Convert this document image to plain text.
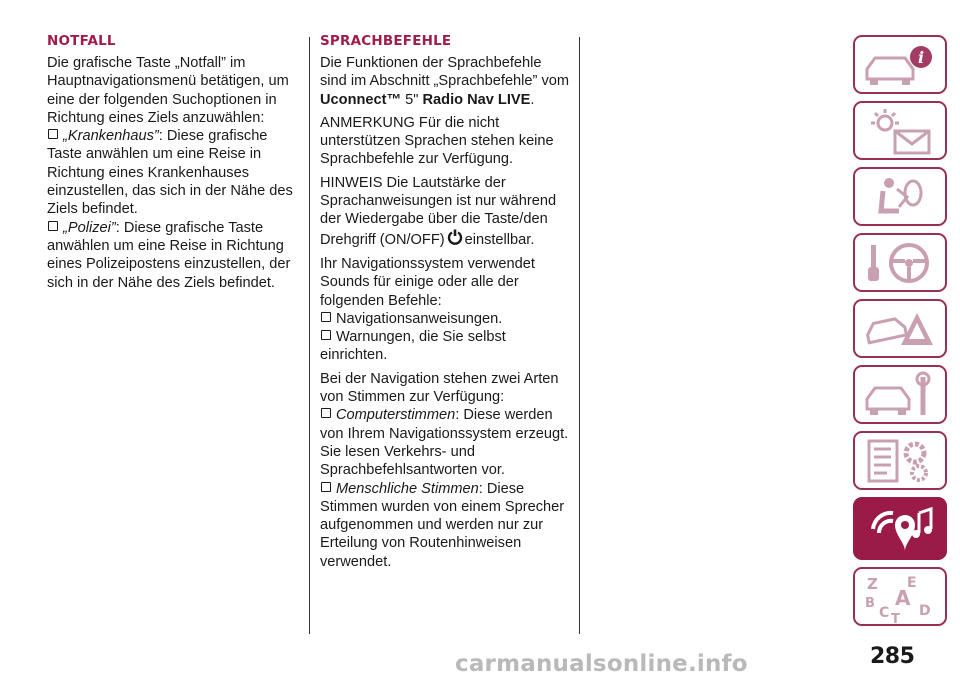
NOTFALL

Die grafische Taste „Notfall” im Hauptnavigationsmenü betätigen, um eine der folgenden Suchoptionen in Richtung eines Ziels anzuwählen:

„Krankenhaus”: Diese grafische Taste anwählen um eine Reise in Richtung eines Krankenhauses einzustellen, das sich in der Nähe des Ziels befindet.

„Polizei”: Diese grafische Taste anwählen um eine Reise in Richtung eines Polizeipostens einzustellen, der sich in der Nähe des Ziels befindet.

SPRACHBEFEHLE

Die Funktionen der Sprachbefehle sind im Abschnitt „Sprachbefehle” vom
Uconnect™ 5" Radio Nav LIVE.

ANMERKUNG Für die nicht unterstützen Sprachen stehen keine Sprachbefehle zur Verfügung.

HINWEIS Die Lautstärke der Sprachanweisungen ist nur während der Wiedergabe über die Taste/den Drehgriff (ON/OFF) einstellbar.

Ihr Navigationssystem verwendet Sounds für einige oder alle der folgenden Befehle:

Navigationsanweisungen.

Warnungen, die Sie selbst einrichten.

Bei der Navigation stehen zwei Arten von Stimmen zur Verfügung:

Computerstimmen: Diese werden von Ihrem Navigationssystem erzeugt. Sie lesen Verkehrs- und Sprachbefehlsantworten vor.

Menschliche Stimmen: Diese Stimmen wurden von einem Sprecher aufgenommen und werden nur zur Erteilung von Routenhinweisen verwendet.

i
Z E
B A
C D
T
285
carmanualsonline.info
